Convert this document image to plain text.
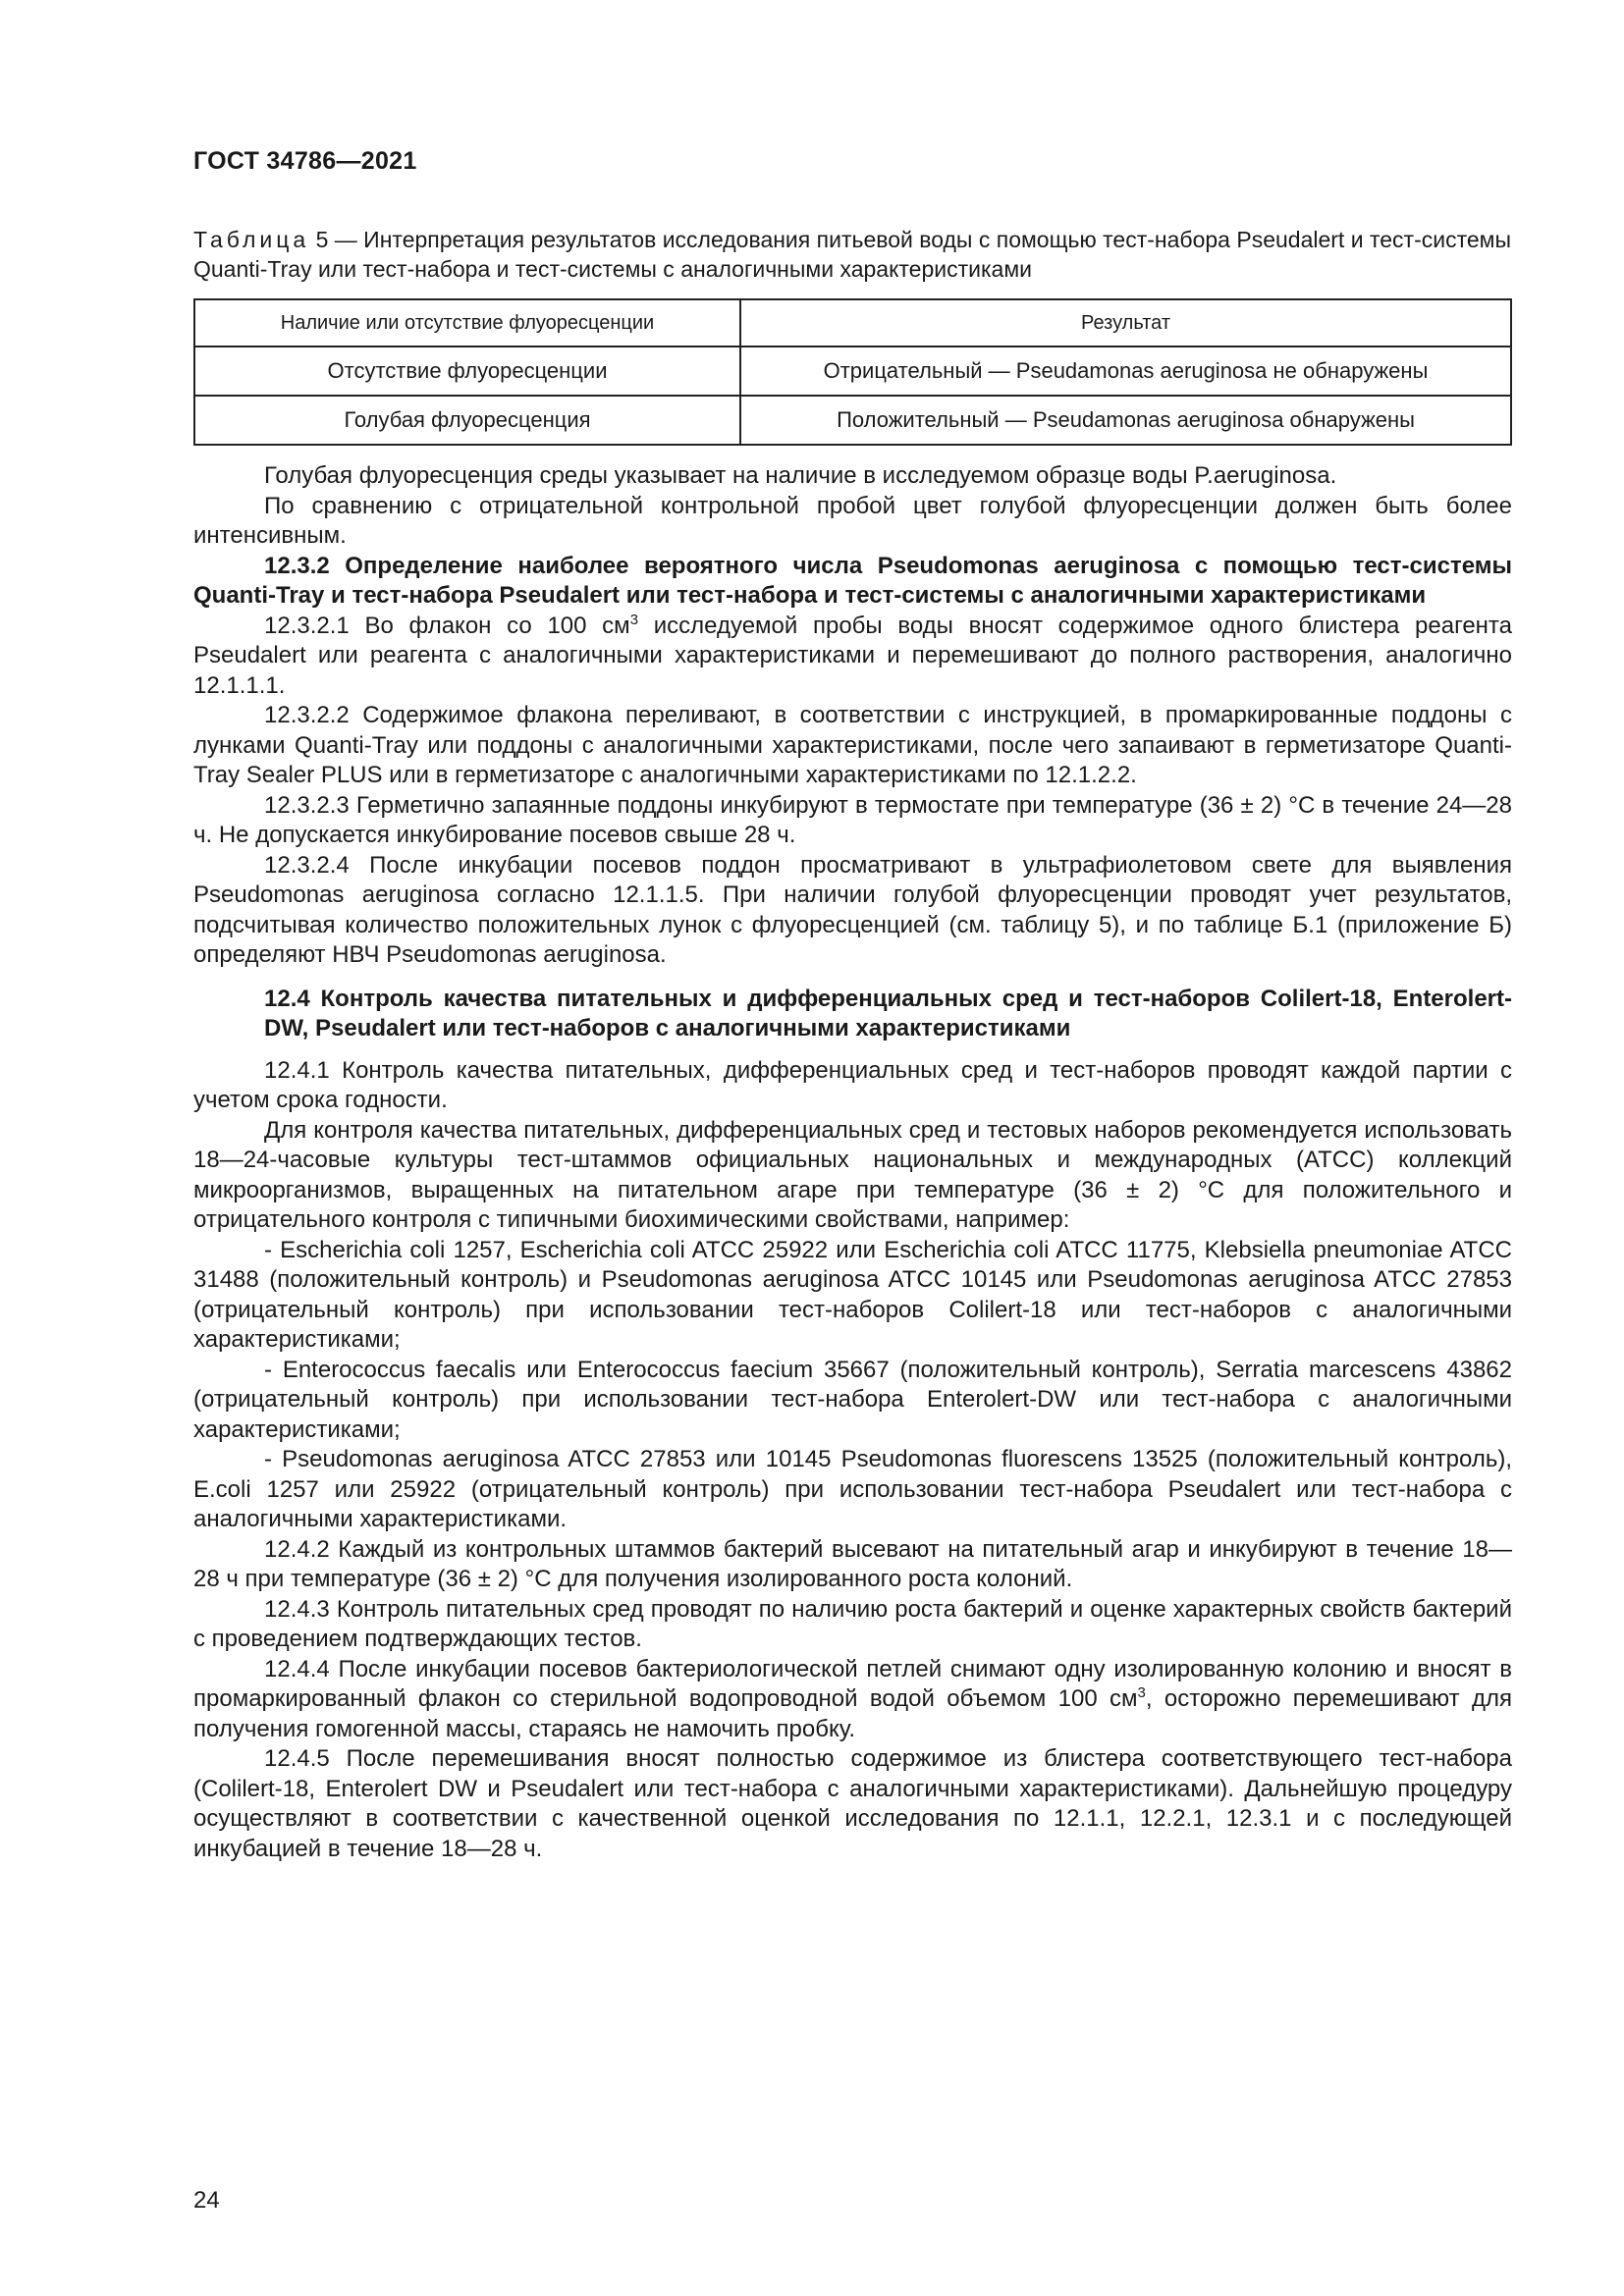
ГОСТ 34786—2021
Таблица 5 — Интерпретация результатов исследования питьевой воды с помощью тест-набора Pseudalert и тест-системы Quanti-Tray или тест-набора и тест-системы с аналогичными характеристиками
Наличие или отсутствие флуоресценции	Результат
Отсутствие флуоресценции	Отрицательный — Pseudamonas aeruginosa не обнаружены
Голубая флуоресценция	Положительный — Pseudamonas aeruginosa обнаружены

Голубая флуоресценция среды указывает на наличие в исследуемом образце воды P.aeruginosa.

По сравнению с отрицательной контрольной пробой цвет голубой флуоресценции должен быть более интенсивным.

12.3.2 Определение наиболее вероятного числа Pseudomonas aeruginosa с помощью тест-системы Quanti-Tray и тест-набора Pseudalert или тест-набора и тест-системы с аналогичными характеристиками

12.3.2.1 Во флакон со 100 $см^3$ исследуемой пробы воды вносят содержимое одного блистера реагента Pseudalert или реагента с аналогичными характеристиками и перемешивают до полного растворения, аналогично 12.1.1.1.

12.3.2.2 Содержимое флакона переливают, в соответствии с инструкцией, в промаркированные поддоны с лунками Quanti-Tray или поддоны с аналогичными характеристиками, после чего запаивают в герметизаторе Quanti-Tray Sealer PLUS или в герметизаторе с аналогичными характеристиками по 12.1.2.2.

12.3.2.3 Герметично запаянные поддоны инкубируют в термостате при температуре (36 ± 2) °С в течение 24—28 ч. Не допускается инкубирование посевов свыше 28 ч.

12.3.2.4 После инкубации посевов поддон просматривают в ультрафиолетовом свете для выявления Pseudomonas aeruginosa согласно 12.1.1.5. При наличии голубой флуоресценции проводят учет результатов, подсчитывая количество положительных лунок с флуоресценцией (см. таблицу 5), и по таблице Б.1 (приложение Б) определяют НВЧ Pseudomonas aeruginosa.

12.4 Контроль качества питательных и дифференциальных сред и тест-наборов Colilert-18, Enterolert-DW, Pseudalert или тест-наборов с аналогичными характеристиками

12.4.1 Контроль качества питательных, дифференциальных сред и тест-наборов проводят каждой партии с учетом срока годности.

Для контроля качества питательных, дифференциальных сред и тестовых наборов рекомендуется использовать 18—24-часовые культуры тест-штаммов официальных национальных и международных (АТСС) коллекций микроорганизмов, выращенных на питательном агаре при температуре (36 ± 2) °С для положительного и отрицательного контроля с типичными биохимическими свойствами, например:

- Escherichia coli 1257, Escherichia coli ATCC 25922 или Escherichia coli ATCC 11775, Klebsiella pneumoniae ATCC 31488 (положительный контроль) и Pseudomonas aeruginosa ATCC 10145 или Pseudomonas aeruginosa ATCC 27853 (отрицательный контроль) при использовании тест-наборов Colilert-18 или тест-наборов с аналогичными характеристиками;

- Enterococcus faecalis или Enterococcus faecium 35667 (положительный контроль), Serratia marcescens 43862 (отрицательный контроль) при использовании тест-набора Enterolert-DW или тест-набора с аналогичными характеристиками;

- Pseudomonas aeruginosa ATCC 27853 или 10145 Pseudomonas fluorescens 13525 (положительный контроль), E.coli 1257 или 25922 (отрицательный контроль) при использовании тест-набора Pseudalert или тест-набора с аналогичными характеристиками.

12.4.2 Каждый из контрольных штаммов бактерий высевают на питательный агар и инкубируют в течение 18—28 ч при температуре (36 ± 2) °С для получения изолированного роста колоний.

12.4.3 Контроль питательных сред проводят по наличию роста бактерий и оценке характерных свойств бактерий с проведением подтверждающих тестов.

12.4.4 После инкубации посевов бактериологической петлей снимают одну изолированную колонию и вносят в промаркированный флакон со стерильной водопроводной водой объемом 100 $см^3$, осторожно перемешивают для получения гомогенной массы, стараясь не намочить пробку.

12.4.5 После перемешивания вносят полностью содержимое из блистера соответствующего тест-набора (Colilert-18, Enterolert DW и Pseudalert или тест-набора с аналогичными характеристиками). Дальнейшую процедуру осуществляют в соответствии с качественной оценкой исследования по 12.1.1, 12.2.1, 12.3.1 и с последующей инкубацией в течение 18—28 ч.

24
